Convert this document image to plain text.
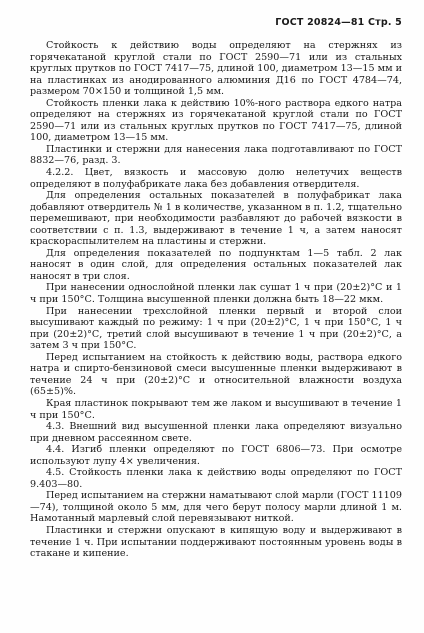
ГОСТ 20824—81 Стр. 5

Стойкость к действию воды определяют на стержнях из горячекатаной круглой стали по ГОСТ 2590—71 или из стальных круглых прутков по ГОСТ 7417—75, длиной 100, диаметром 13—15 мм и на пластинках из анодированного алюминия Д16 по ГОСТ 4784—74, размером 70×150 и толщиной 1,5 мм.

Стойкость пленки лака к действию 10%-ного раствора едкого натра определяют на стержнях из горячекатаной круглой стали по ГОСТ 2590—71 или из стальных круглых прутков по ГОСТ 7417—75, длиной 100, диаметром 13—15 мм.

Пластинки и стержни для нанесения лака подготавливают по ГОСТ 8832—76, разд. 3.

4.2.2. Цвет, вязкость и массовую долю нелетучих веществ определяют в полуфабрикате лака без добавления отвердителя.

Для определения остальных показателей в полуфабрикат лака добавляют отвердитель № 1 в количестве, указанном в п. 1.2, тщательно перемешивают, при необходимости разбавляют до рабочей вязкости в соответствии с п. 1.3, выдерживают в течение 1 ч, а затем наносят краскораспылителем на пластины и стержни.

Для определения показателей по подпунктам 1—5 табл. 2 лак наносят в один слой, для определения остальных показателей лак наносят в три слоя.

При нанесении однослойной пленки лак сушат 1 ч при (20±2)°С и 1 ч при 150°С. Толщина высушенной пленки должна быть 18—22 мкм.

При нанесении трехслойной пленки первый и второй слои высушивают каждый по режиму: 1 ч при (20±2)°С, 1 ч при 150°С, 1 ч при (20±2)°С, третий слой высушивают в течение 1 ч при (20±2)°С, а затем 3 ч при 150°С.

Перед испытанием на стойкость к действию воды, раствора едкого натра и спирто-бензиновой смеси высушенные пленки выдерживают в течение 24 ч при (20±2)°С и относительной влажности воздуха (65±5)%.

Края пластинок покрывают тем же лаком и высушивают в течение 1 ч при 150°С.

4.3. Внешний вид высушенной пленки лака определяют визуально при дневном рассеянном свете.

4.4. Изгиб пленки определяют по ГОСТ 6806—73. При осмотре используют лупу 4× увеличения.

4.5. Стойкость пленки лака к действию воды определяют по ГОСТ 9.403—80.

Перед испытанием на стержни наматывают слой марли (ГОСТ 11109—74), толщиной около 5 мм, для чего берут полосу марли длиной 1 м. Намотанный марлевый слой перевязывают ниткой.

Пластинки и стержни опускают в кипящую воду и выдерживают в течение 1 ч. При испытании поддерживают постоянным уровень воды в стакане и кипение.
